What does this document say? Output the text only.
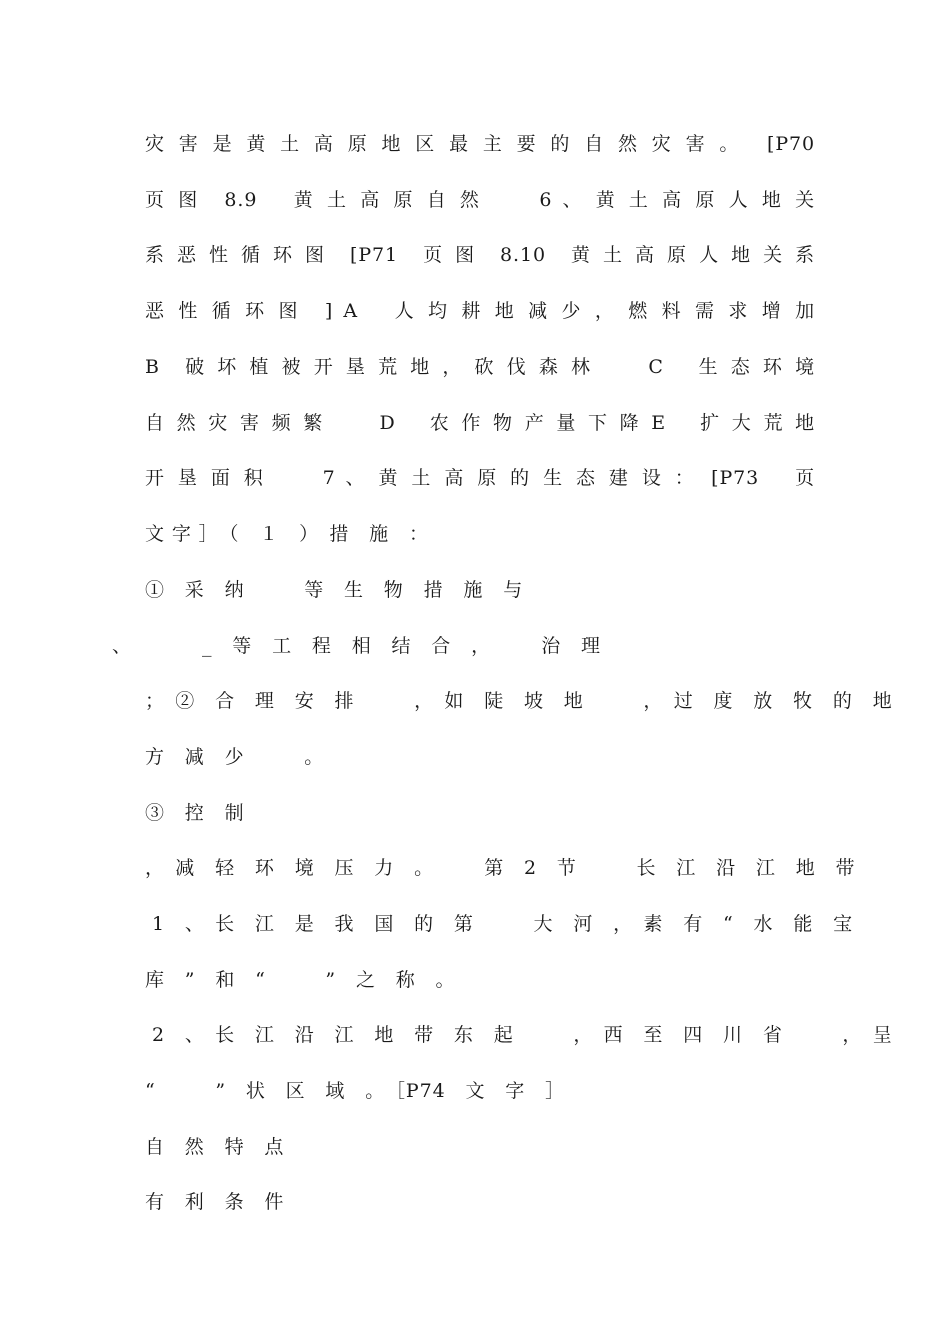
灾 害 是 黄 土 高 原 地 区 最 主 要 的 自 然 灾 害 。　 [P70
页 图　8.9　 黄 土 高 原 自 然　　 6 、 黄 土 高 原 人 地 关
系 恶 性 循 环 图　[P71　页 图　8.10　黄 土 高 原 人 地 关 系
恶 性 循 环 图　] A　 人 均 耕 地 减 少 ， 燃 料 需 求 增 加
B　破 坏 植 被 开 垦 荒 地 ， 砍 伐 森 林　　 C　 生 态 环 境
自 然 灾 害 频 繁　　 D　 农 作 物 产 量 下 降 E　 扩 大 荒 地
开 垦 面 积　　 7 、 黄 土 高 原 的 生 态 建 设 ：　[P73　 页
文 字 ］　（　１　）　措　施　：
①　采　纳　　　等　生　物　措　施　与
、　　　　_　等　工　程　相　结　合　，　　　治　理
；　②　合　理　安　排　　　，　如　陡　坡　地　　　，　过　度　放　牧　的　地
方　减　少　　　。
③　控　制
，　减　轻　环　境　压　力　。　　　第　2　节　　　长　江　沿　江　地　带
1　、　长　江　是　我　国　的　第　　　大　河　，　素　有　“　水　能　宝
库　”　和　“　　　”　之　称　。
2　、　长　江　沿　江　地　带　东　起　　　，　西　至　四　川　省　　　，　呈
“　　　”　状　区　域　。　［P74　文　字　］
自　然　特　点
有　利　条　件
